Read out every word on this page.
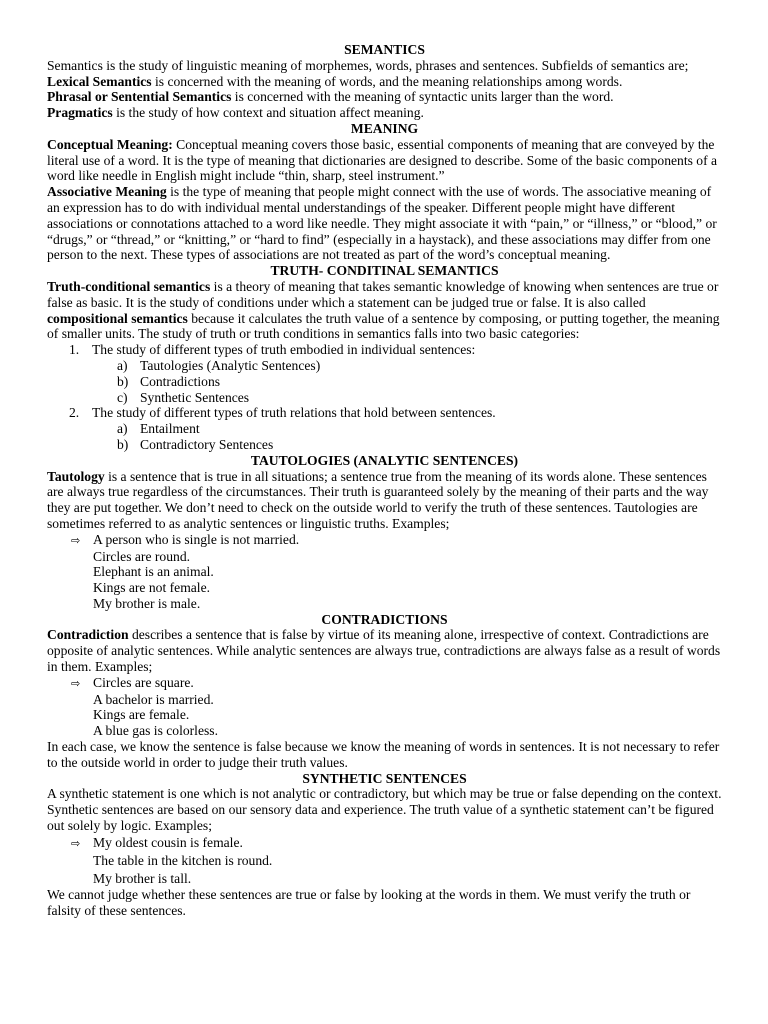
SEMANTICS

Semantics is the study of linguistic meaning of morphemes, words, phrases and sentences. Subfields of semantics are;

Lexical Semantics is concerned with the meaning of words, and the meaning relationships among words.

Phrasal or Sentential Semantics is concerned with the meaning of syntactic units larger than the word.

Pragmatics is the study of how context and situation affect meaning.

MEANING

Conceptual Meaning: Conceptual meaning covers those basic, essential components of meaning that are conveyed by the literal use of a word. It is the type of meaning that dictionaries are designed to describe. Some of the basic components of a word like needle in English might include “thin, sharp, steel instrument.”

Associative Meaning is the type of meaning that people might connect with the use of words. The associative meaning of an expression has to do with individual mental understandings of the speaker. Different people might have different associations or connotations attached to a word like needle. They might associate it with “pain,” or “illness,” or “blood,” or “drugs,” or “thread,” or “knitting,” or “hard to find” (especially in a haystack), and these associations may differ from one person to the next. These types of associations are not treated as part of the word’s conceptual meaning.

TRUTH- CONDITINAL SEMANTICS

Truth-conditional semantics is a theory of meaning that takes semantic knowledge of knowing when sentences are true or false as basic. It is the study of conditions under which a statement can be judged true or false. It is also called compositional semantics because it calculates the truth value of a sentence by composing, or putting together, the meaning of smaller units. The study of truth or truth conditions in semantics falls into two basic categories:

1. The study of different types of truth embodied in individual sentences:
a) Tautologies (Analytic Sentences)
b) Contradictions
c) Synthetic Sentences
2. The study of different types of truth relations that hold between sentences.
a) Entailment
b) Contradictory Sentences

TAUTOLOGIES (ANALYTIC SENTENCES)

Tautology is a sentence that is true in all situations; a sentence true from the meaning of its words alone. These sentences are always true regardless of the circumstances. Their truth is guaranteed solely by the meaning of their parts and the way they are put together. We don’t need to check on the outside world to verify the truth of these sentences. Tautologies are sometimes referred to as analytic sentences or linguistic truths. Examples;

⇨ A person who is single is not married.
Circles are round.
Elephant is an animal.
Kings are not female.
My brother is male.

CONTRADICTIONS

Contradiction describes a sentence that is false by virtue of its meaning alone, irrespective of context. Contradictions are opposite of analytic sentences. While analytic sentences are always true, contradictions are always false as a result of words in them. Examples;

⇨ Circles are square.
A bachelor is married.
Kings are female.
A blue gas is colorless.

In each case, we know the sentence is false because we know the meaning of words in sentences. It is not necessary to refer to the outside world in order to judge their truth values.

SYNTHETIC SENTENCES

A synthetic statement is one which is not analytic or contradictory, but which may be true or false depending on the context. Synthetic sentences are based on our sensory data and experience. The truth value of a synthetic statement can’t be figured out solely by logic. Examples;

⇨ My oldest cousin is female.
The table in the kitchen is round.
My brother is tall.

We cannot judge whether these sentences are true or false by looking at the words in them. We must verify the truth or falsity of these sentences.
